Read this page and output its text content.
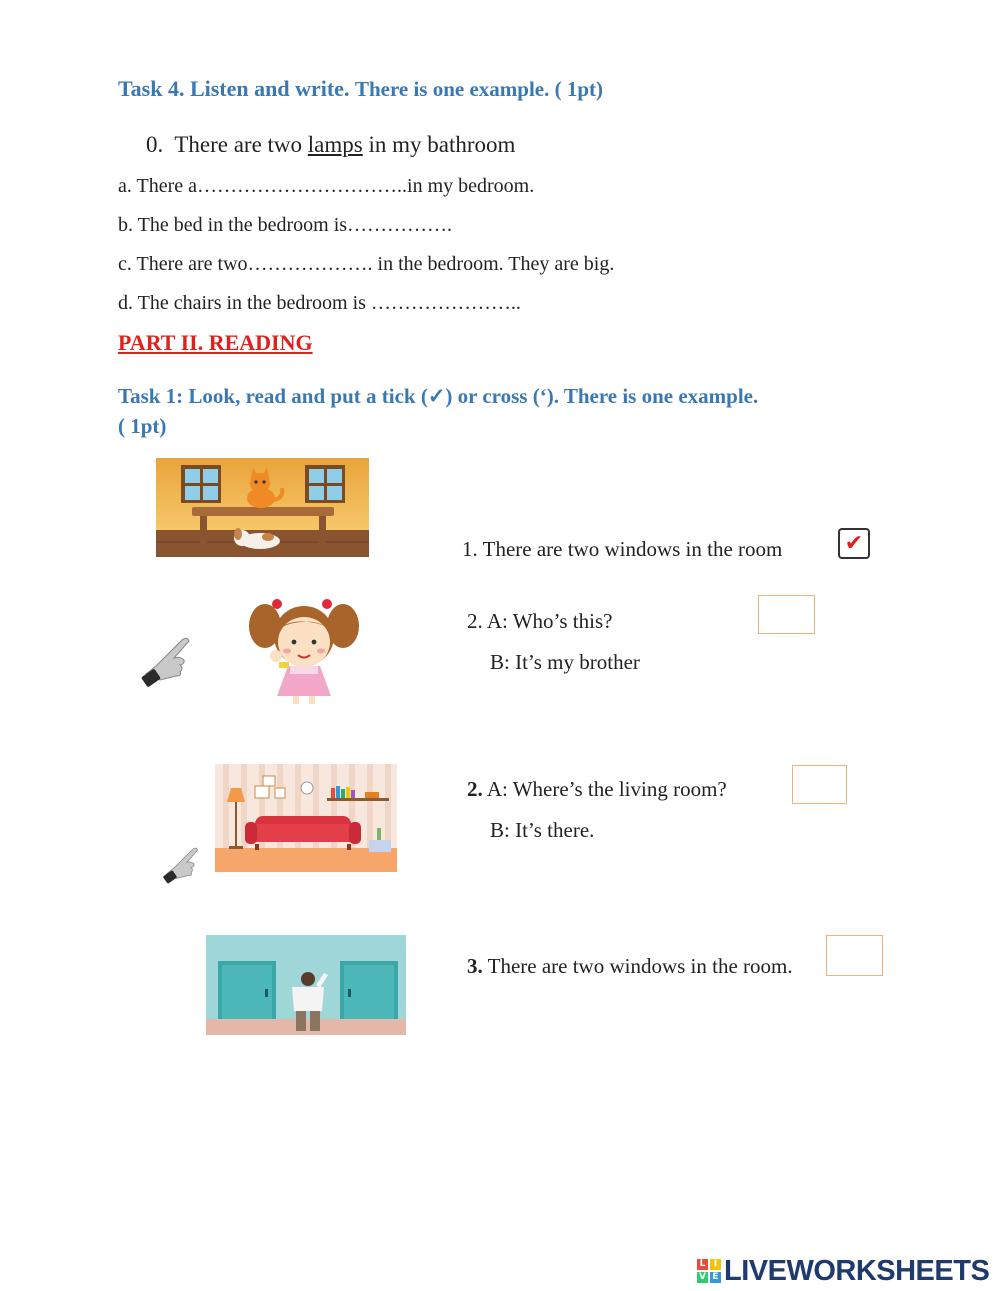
Task 4. Listen and write. There is one example. ( 1pt)
0. There are two lamps in my bathroom
a. There a…………………………..in my bedroom.
b. The bed in the bedroom is…………….
c. There are two………………. in the bedroom. They are big.
d. The chairs in the bedroom is …………………..
PART II. READING
Task 1: Look, read and put a tick (✓) or cross (‘). There is one example.
( 1pt)
1. There are two windows in the room	✔
2. A: Who’s this?
B: It’s my brother
2. A: Where’s the living room?
B: It’s there.
3. There are two windows in the room.
L I
V E LIVEWORKSHEETS
